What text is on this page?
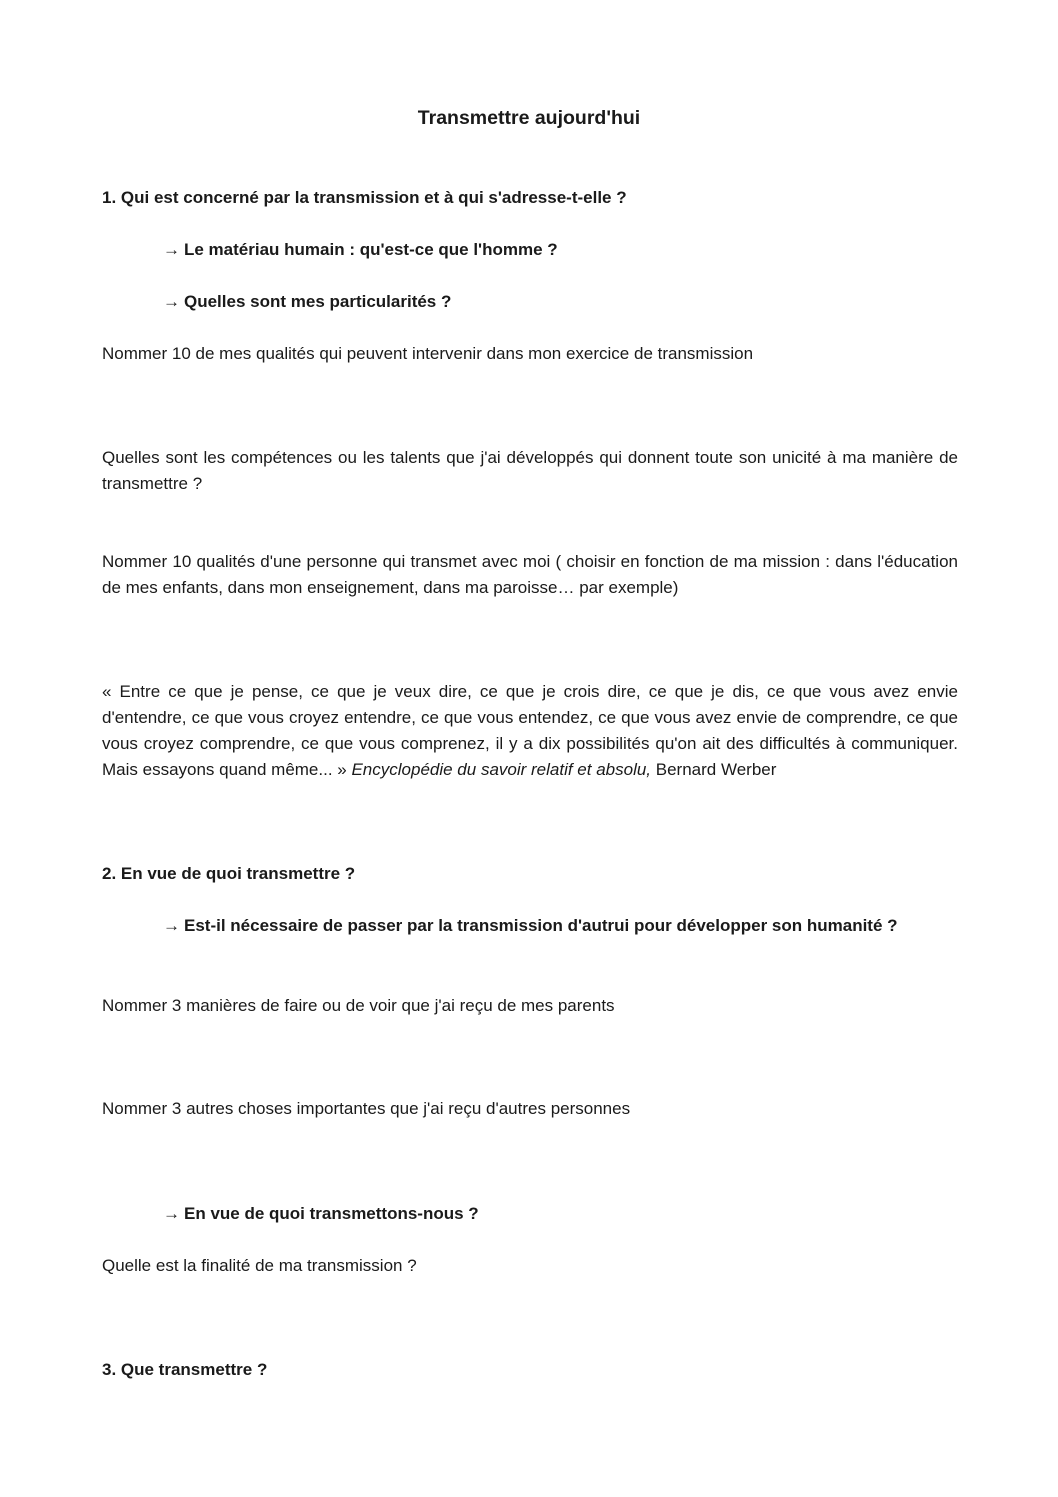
Transmettre aujourd'hui

1. Qui est concerné par la transmission et à qui s'adresse-t-elle ?

→ Le matériau humain : qu'est-ce que l'homme ?

→ Quelles sont mes particularités ?

Nommer 10 de mes qualités qui peuvent intervenir dans mon exercice de transmission

Quelles sont les compétences ou les talents que j'ai développés qui donnent toute son unicité à ma manière de transmettre ?

Nommer 10 qualités d'une personne qui transmet avec moi ( choisir en fonction de ma mission : dans l'éducation de mes enfants, dans mon enseignement, dans ma paroisse… par exemple)

« Entre ce que je pense, ce que je veux dire, ce que je crois dire, ce que je dis, ce que vous avez envie d'entendre, ce que vous croyez entendre, ce que vous entendez, ce que vous avez envie de comprendre, ce que vous croyez comprendre, ce que vous comprenez, il y a dix possibilités qu'on ait des difficultés à communiquer. Mais essayons quand même... » Encyclopédie du savoir relatif et absolu, Bernard Werber

2. En vue de quoi transmettre ?

→ Est-il nécessaire de passer par la transmission d'autrui pour développer son humanité ?

Nommer 3 manières de faire ou de voir que j'ai reçu de mes parents

Nommer 3 autres choses importantes que j'ai reçu d'autres personnes

→ En vue de quoi transmettons-nous ?

Quelle est la finalité de ma transmission ?

3. Que transmettre ?
